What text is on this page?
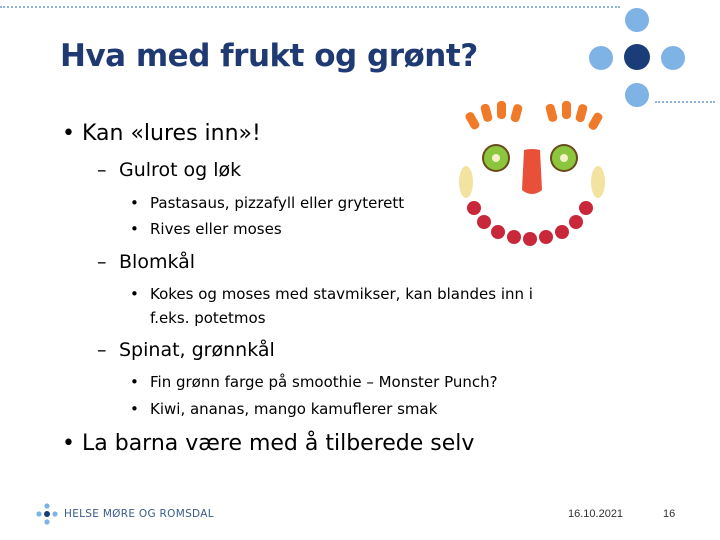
Hva med frukt og grønt?
• Kan «lures inn»!
– Gulrot og løk
• Pastasaus, pizzafyll eller gryterett
• Rives eller moses
– Blomkål
• Kokes og moses med stavmikser, kan blandes inn i
f.eks. potetmos
– Spinat, grønnkål
• Fin grønn farge på smoothie – Monster Punch?
• Kiwi, ananas, mango kamuflerer smak
• La barna være med å tilberede selv
HELSE MØRE OG ROMSDAL	16.10.2021	16
